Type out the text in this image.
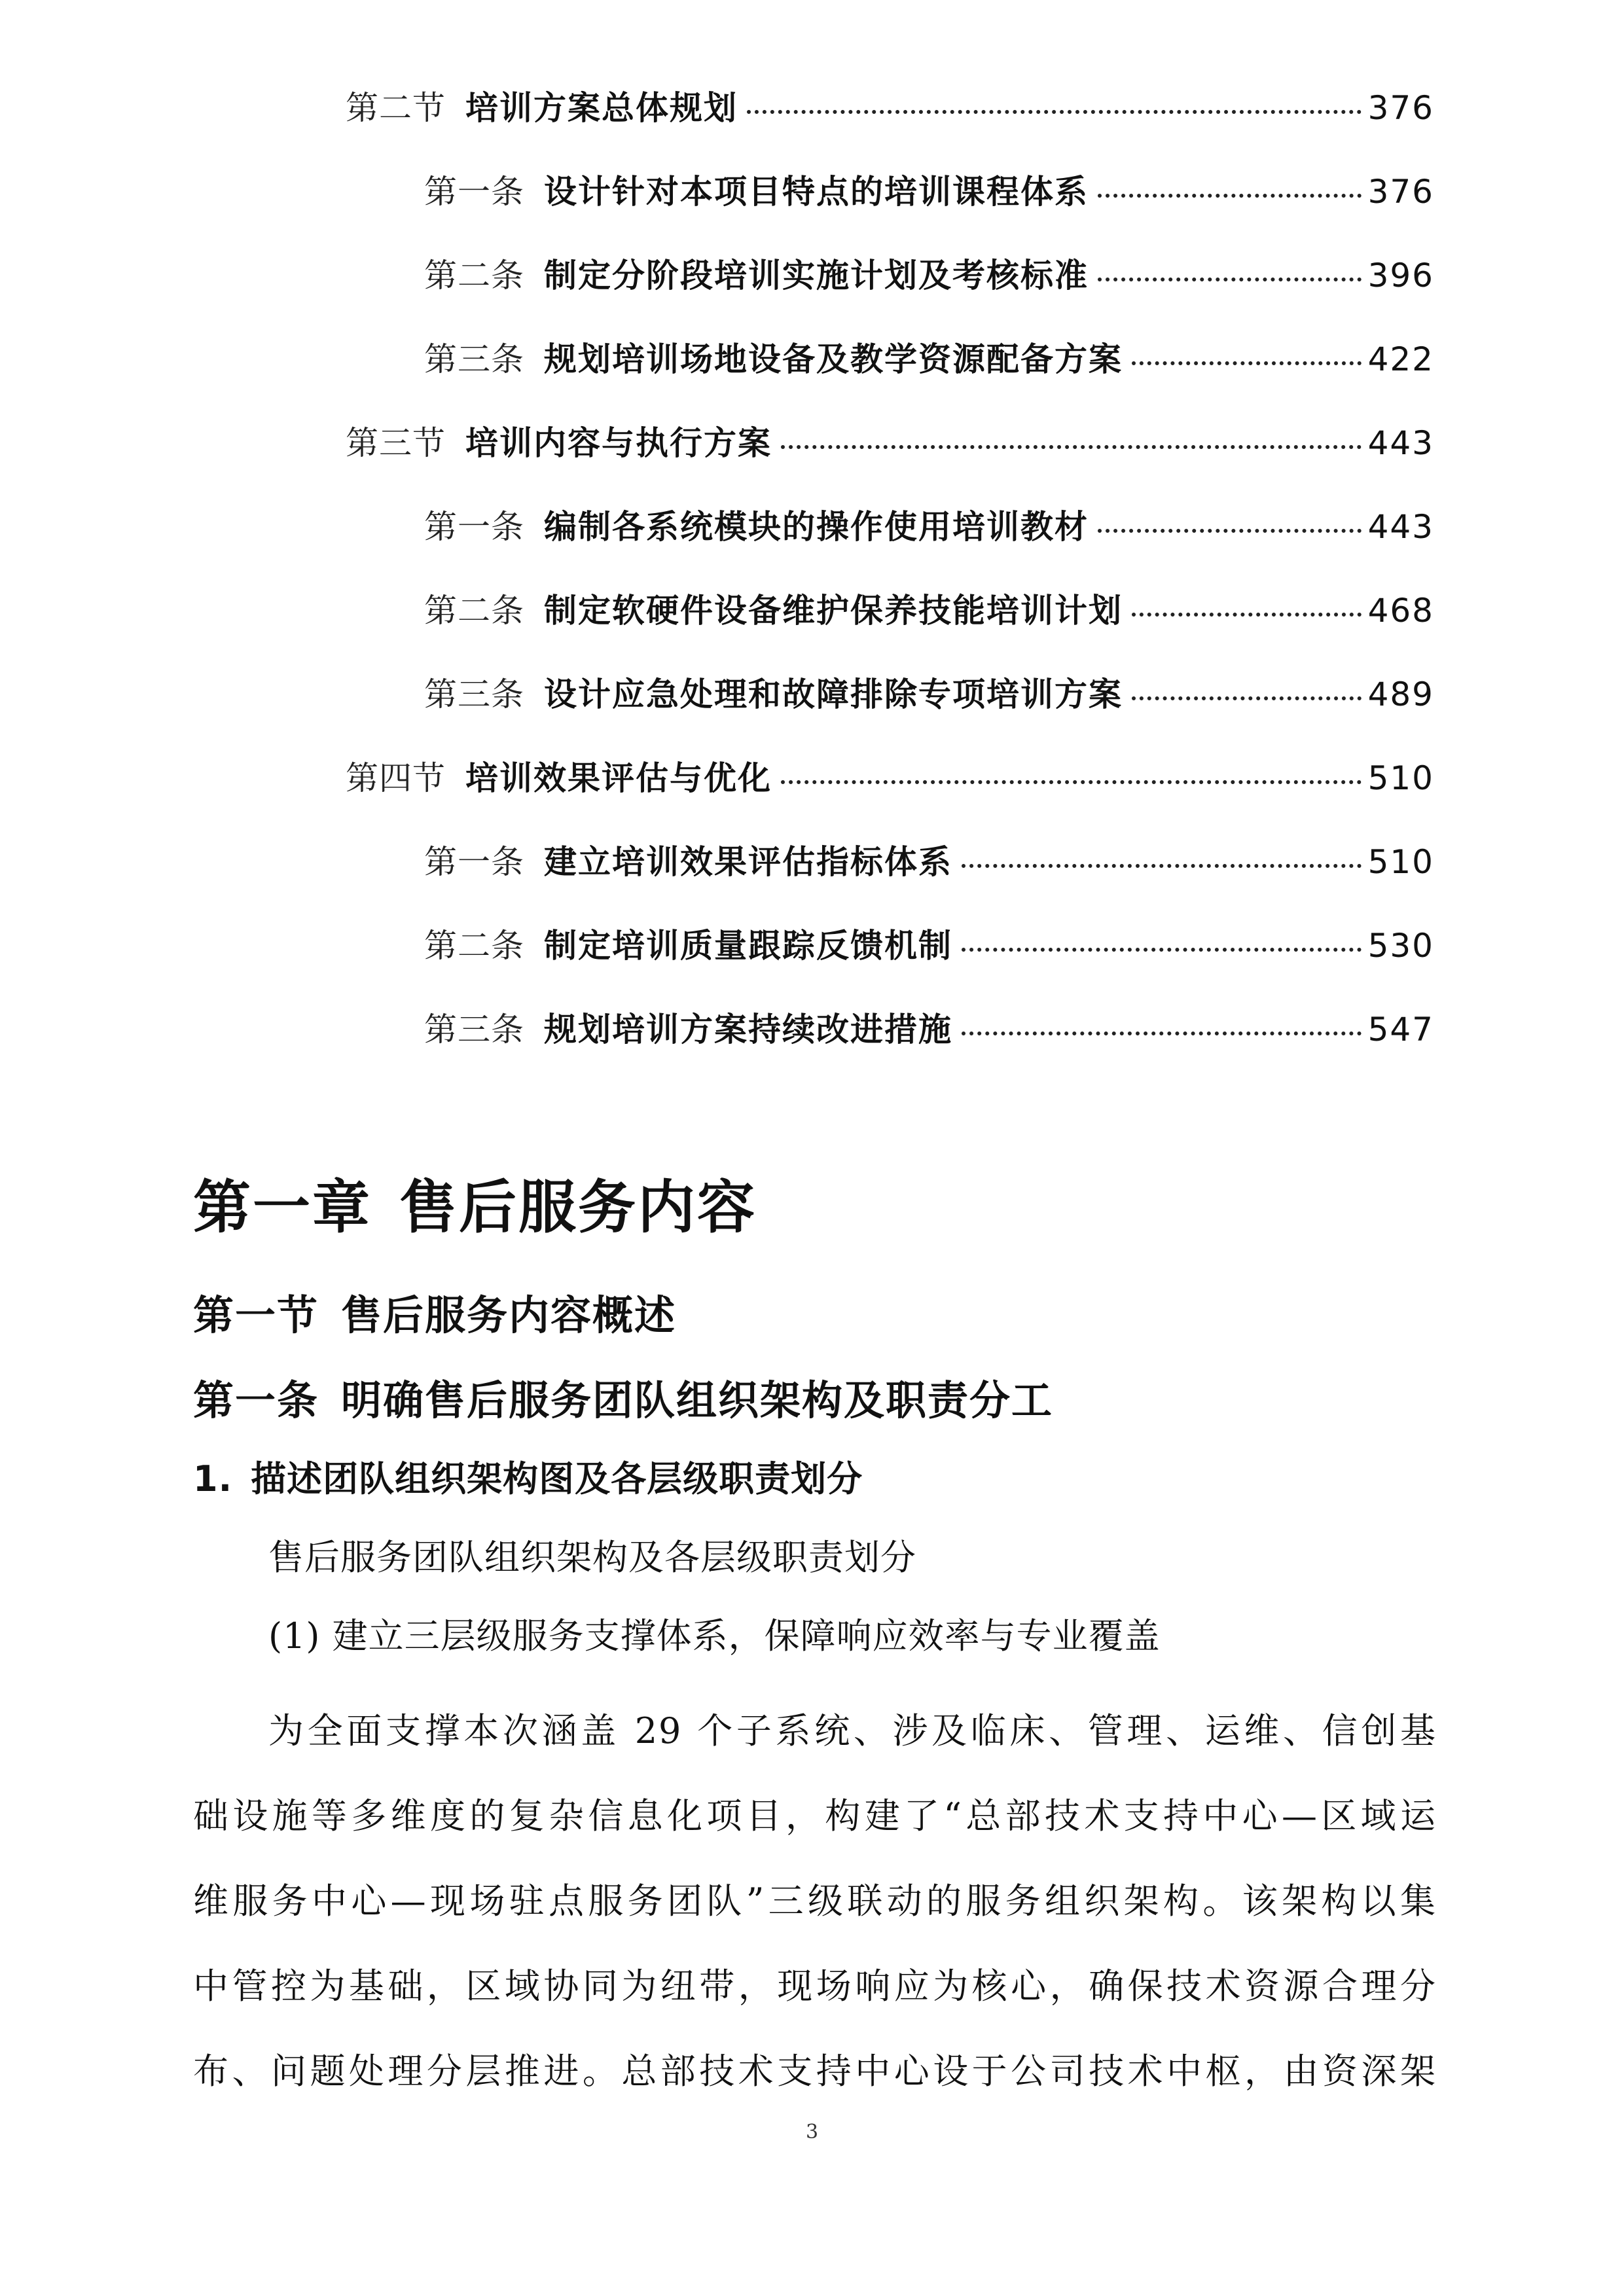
第二节 培训方案总体规划	376
第一条 设计针对本项目特点的培训课程体系	376
第二条 制定分阶段培训实施计划及考核标准	396
第三条 规划培训场地设备及教学资源配备方案	422
第三节 培训内容与执行方案	443
第一条 编制各系统模块的操作使用培训教材	443
第二条 制定软硬件设备维护保养技能培训计划	468
第三条 设计应急处理和故障排除专项培训方案	489
第四节 培训效果评估与优化	510
第一条 建立培训效果评估指标体系	510
第二条 制定培训质量跟踪反馈机制	530
第三条 规划培训方案持续改进措施	547
第一章 售后服务内容
第一节 售后服务内容概述
第一条 明确售后服务团队组织架构及职责分工
1. 描述团队组织架构图及各层级职责划分
售后服务团队组织架构及各层级职责划分
(1) 建立三层级服务支撑体系，保障响应效率与专业覆盖
为全面支撑本次涵盖 29 个子系统、涉及临床、管理、运维、信创基
础设施等多维度的复杂信息化项目，构建了“总部技术支持中心—区域运
维服务中心—现场驻点服务团队”三级联动的服务组织架构。该架构以集
中管控为基础，区域协同为纽带，现场响应为核心，确保技术资源合理分
布、问题处理分层推进。总部技术支持中心设于公司技术中枢，由资深架
3
